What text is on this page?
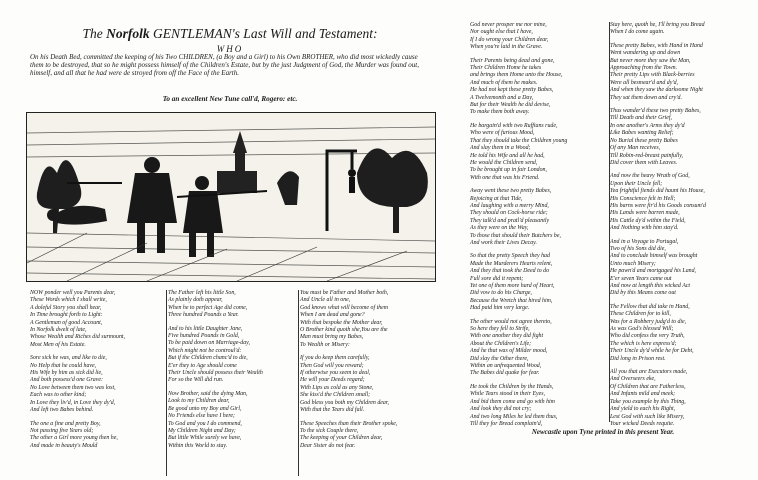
The Norfolk GENTLEMAN's Last Will and Testament:
WHO
On his Death Bed, committed the keeping of his Two CHILDREN, (a Boy and a Girl) to his Own BROTHER, who did most wickedly cause them to be destroyed, that so he might possess himself of the Children's Estate, but by the just Judgment of God, the Murder was found out, himself, and all that he had were de stroyed from off the Face of the Earth.
To an excellent New Tune call'd, Rogero: etc.
NOW ponder well you Parents dear,
These Words which I shall write,
A doleful Story you shall hear,
In Time brought forth to Light:
A Gentleman of good Account,
In Norfolk dwelt of late,
Whose Wealth and Riches did surmount,
Most Men of his Estate.
Sore sick he was, and like to die,
No Help that he could have,
His Wife by him as sick did lie,
And both possess'd one Grave:
No Love between them two was lost,
Each was to other kind;
In Love they liv'd, in Love they dy'd,
And left two Babes behind.
The one a fine and pretty Boy,
Not passing five Years old;
The other a Girl more young then he,
And made in beauty's Mould
The Father left his little Son,
As plainly doth appear,
When he to perfect Age did come,
Three hundred Pounds a Year.
And to his little Daughter Jane,
Five hundred Pounds in Gold,
To be paid down on Marriage-day,
Which might not be controul'd:
But if the Children chanc'd to die,
E'er they to Age should come
Their Uncle should possess their Wealth
For so the Will did run.
Now Brother, said the dying Man,
Look to my Children dear,
Be good unto my Boy and Girl,
No Friends else have I here;
To God and you I do commend,
My Children Night and Day;
But little While surely we have,
Within this World to stay.
You must be Father and Mother both,
And Uncle all in one,
God knows what will become of them
When I am dead and gone?
With that bespoke the Mother dear,
O Brother kind quoth she,You are the
Man must bring my Babes,
To Wealth or Misery:
If you do keep them carefully,
Then God will you reward;
If otherwise you seem to deal,
He will your Deeds regard;
With Lips as cold as any Stone,
She kiss'd the Children small;
God bless you both my Children dear,
With that the Tears did fall.
These Speeches than their Brother spoke,
To the sick Couple there,
The keeping of your Children dear,
Dear Sister do not fear.
God never prosper me nor mine,
Nor ought else that I have,
If I do wrong your Children dear,
When you're laid in the Grave.
Their Parents being dead and gone,
Their Children Home he takes
and brings them Home unto the House,
And much of them he makes.
He had not kept these pretty Babes,
A Twelvemonth and a Day,
But for their Wealth he did devise,
To make them both away.
He bargain'd with two Ruffians rude,
Who were of furious Mood,
That they should take the Children young
And slay them in a Wood;
He told his Wife and all he had,
He would the Children send,
To be brought up in fair London,
With one that was his Friend.
Away went these two pretty Babes,
Rejoicing at that Tide,
And laughing with a merry Mind,
They should on Cock-horse ride;
They talk'd and pratl'd pleasantly
As they were on the Way,
To those that should their Butchers be,
And work their Lives Decay.
So that the pretty Speech they had
Made the Murderers Hearts relent,
And they that took the Deed to do
Full sore did it repent;
Yet one of them more hard of Heart,
Did vow to do his Charge,
Because the Wretch that hired him,
Had paid him very large.
The other would not agree thereto,
So here they fell to Strife,
With one another they did fight
About the Children's Life;
And he that was of Milder mood,
Did slay the Other there,
Within an unfrequented Wood,
The Babes did quake for fear.
He took the Children by the Hands,
While Tears stood in their Eyes,
And bid them come and go with him
And look they did not cry;
And two long Miles he led them thus,
Till they for Bread complain'd,
Stay here, quoth he, I'll bring you Bread
When I do come again.
These pretty Babes, with Hand in Hand
Went wandering up and down
But never more they saw the Man,
Approaching from the Town.
Their pretty Lips with Black-berries
Were all besmear'd and dy'd,
And when they saw the darksome Night
They sat them down and cry'd.
Thus wander'd these two pretty Babes,
Till Death and their Grief,
In one another's Arms they dy'd
Like Babes wanting Relief;
No Burial these pretty Babes
Of any Man receives,
Till Robin-red-breast painfully,
Did cover them with Leaves.
And now the heavy Wrath of God,
Upon their Uncle fell;
Yea frightful fiends did haunt his House,
His Conscience felt in Hell;
His barns were fir'd his Goods consum'd
His Lands were barren made,
His Cattle dy'd within the Field,
And Nothing with him stay'd.
And in a Voyage to Portugal,
Two of his Sons did die,
And to conclude himself was brought
Unto much Misery;
He pawn'd and mortgaged his Land,
E'er seven Years came out
And now at length this wicked Act
Did by this Means come out
The Fellow that did take in Hand,
These Children for to kill,
Was for a Robbery judg'd to die,
As was God's blessed Will;
Who did confess the very Truth,
The which is here express'd;
Their Uncle dy'd while he for Debt,
Did long in Prison rest.
All you that are Executors made,
And Overseers eke,
Of Children that are Fatherless,
And Infants mild and meek;
Take you example by this Thing,
And yield to each his Right,
Lest God with such like Misery,
Your wicked Deeds requite.
Newcastle upon Tyne printed in this present Year.
